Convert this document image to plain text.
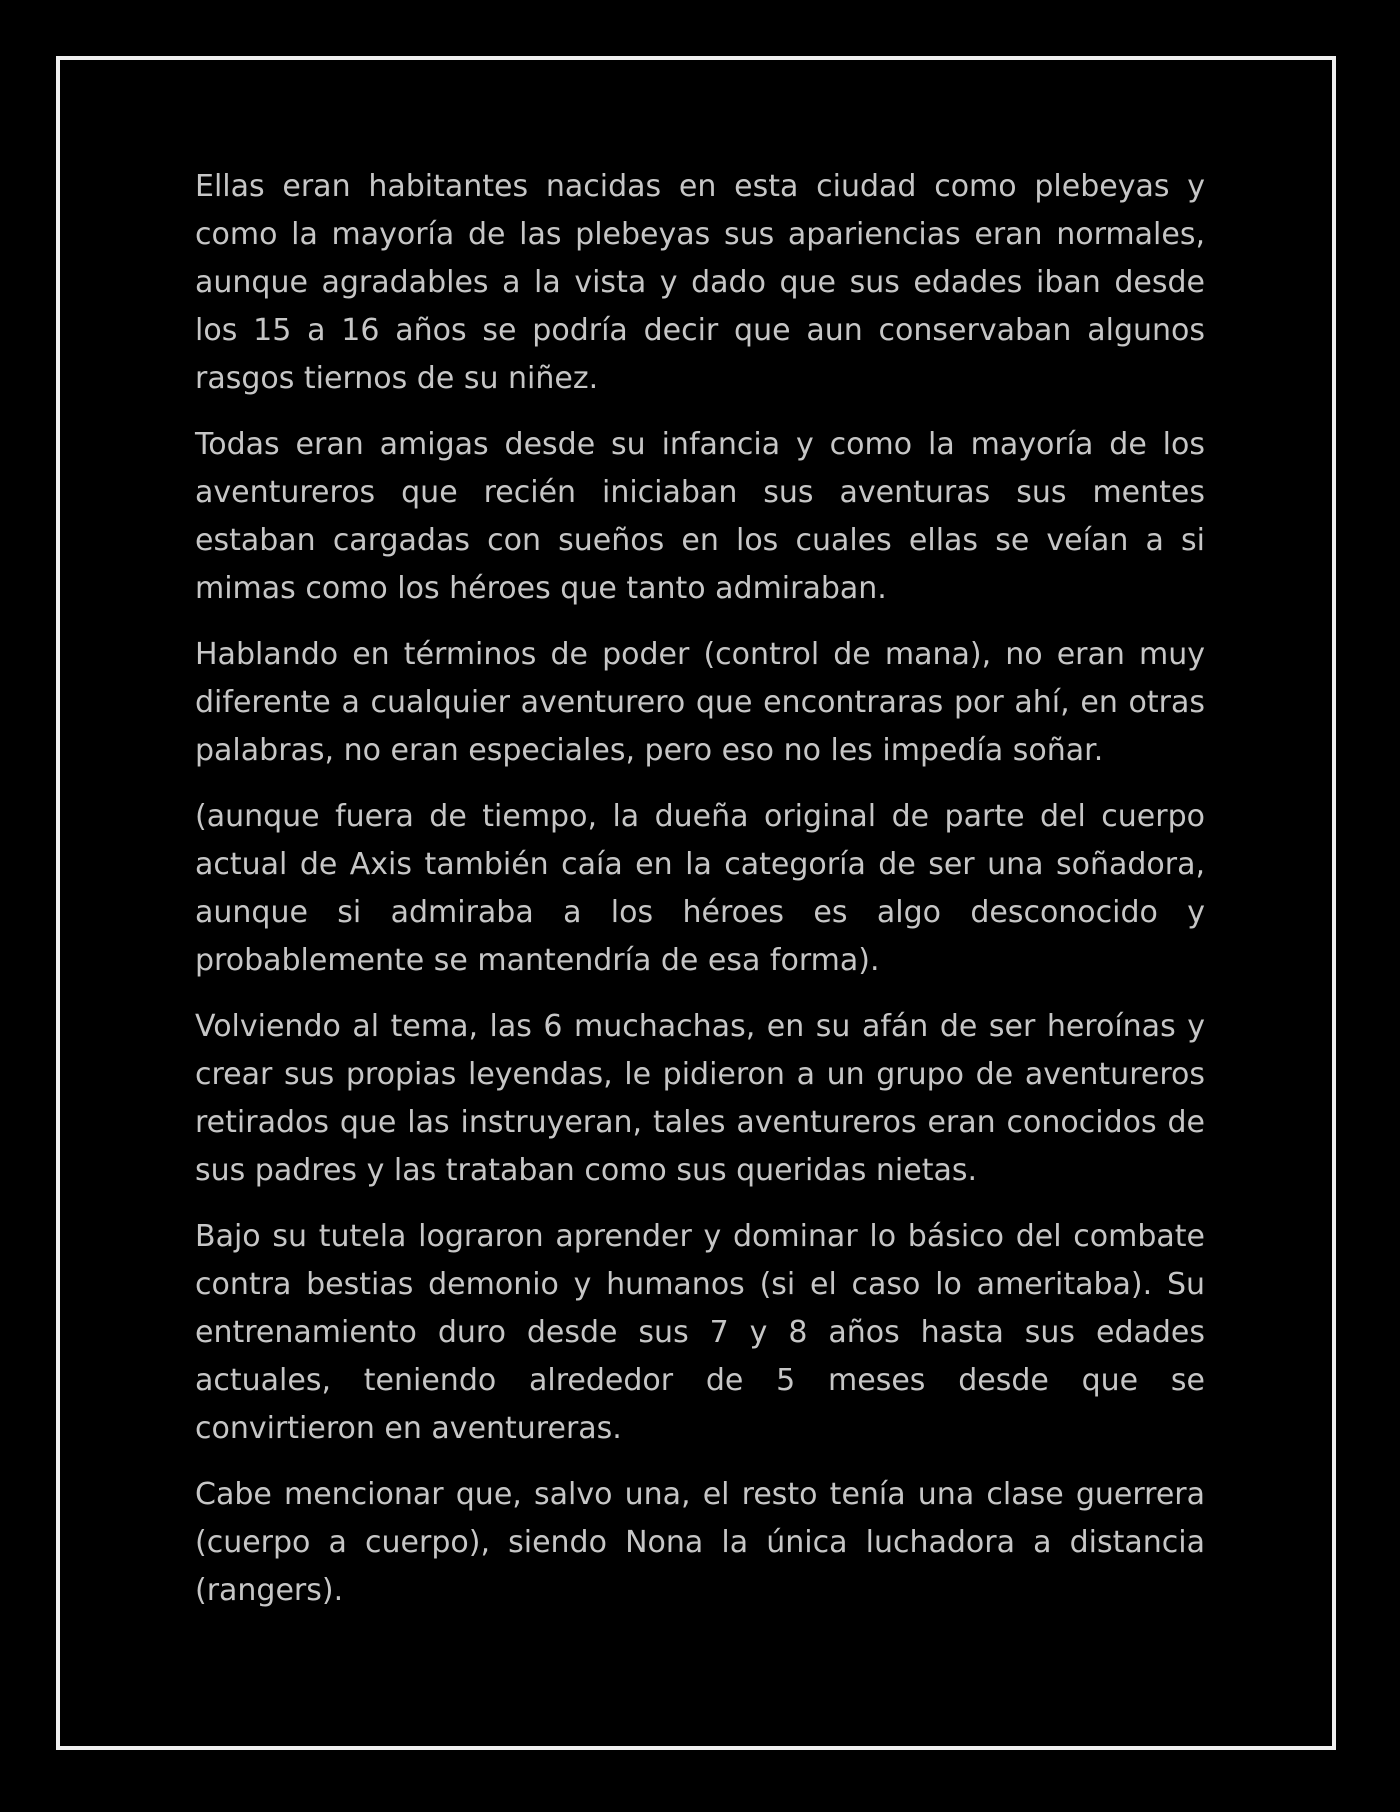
Ellas eran habitantes nacidas en esta ciudad como plebeyas y como la mayoría de las plebeyas sus apariencias eran normales, aunque agradables a la vista y dado que sus edades iban desde los 15 a 16 años se podría decir que aun conservaban algunos rasgos tiernos de su niñez.

Todas eran amigas desde su infancia y como la mayoría de los aventureros que recién iniciaban sus aventuras sus mentes estaban cargadas con sueños en los cuales ellas se veían a si mimas como los héroes que tanto admiraban.

Hablando en términos de poder (control de mana), no eran muy diferente a cualquier aventurero que encontraras por ahí, en otras palabras, no eran especiales, pero eso no les impedía soñar.

(aunque fuera de tiempo, la dueña original de parte del cuerpo actual de Axis también caía en la categoría de ser una soñadora, aunque si admiraba a los héroes es algo desconocido y probablemente se mantendría de esa forma).

Volviendo al tema, las 6 muchachas, en su afán de ser heroínas y crear sus propias leyendas, le pidieron a un grupo de aventureros retirados que las instruyeran, tales aventureros eran conocidos de sus padres y las trataban como sus queridas nietas.

Bajo su tutela lograron aprender y dominar lo básico del combate contra bestias demonio y humanos (si el caso lo ameritaba). Su entrenamiento duro desde sus 7 y 8 años hasta sus edades actuales, teniendo alrededor de 5 meses desde que se convirtieron en aventureras.

Cabe mencionar que, salvo una, el resto tenía una clase guerrera (cuerpo a cuerpo), siendo Nona la única luchadora a distancia (rangers).
